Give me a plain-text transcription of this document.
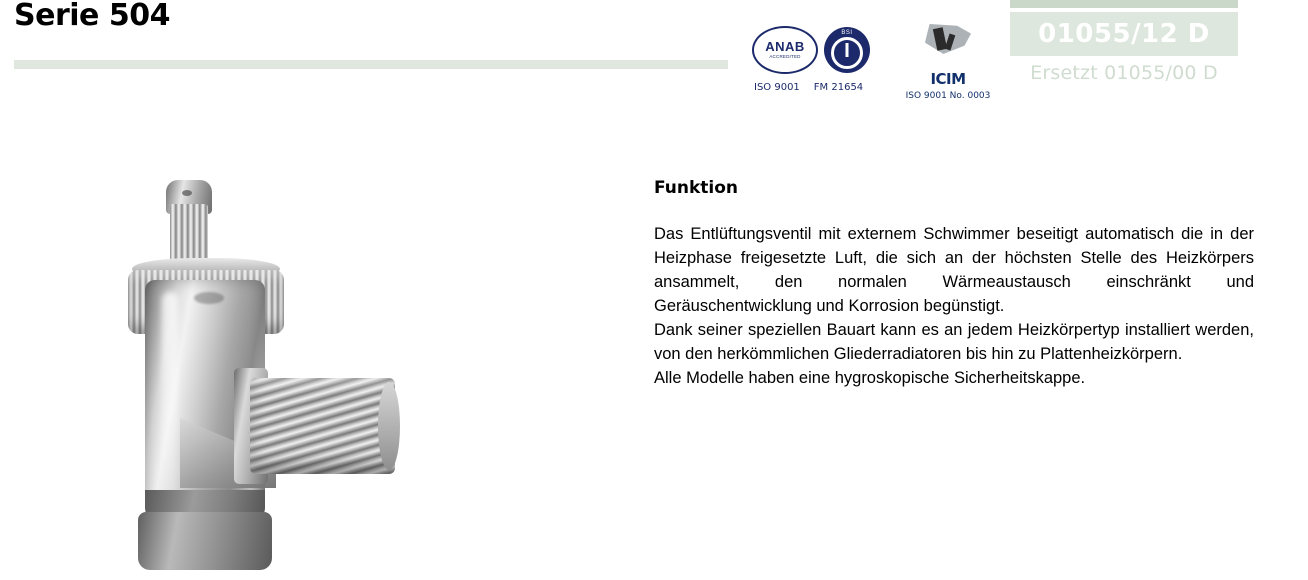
Serie 504
ANAB
ACCREDITED
BSI
ISO 9001 FM 21654	ICIM
ISO 9001 No. 0003
01055/12 D
Ersetzt 01055/00 D
Funktion

Das Entlüftungsventil mit externem Schwimmer beseitigt automatisch die in der Heizphase freigesetzte Luft, die sich an der höchsten Stelle des Heizkörpers ansammelt, den normalen Wärmeaustausch einschränkt und Geräuschentwicklung und Korrosion begünstigt.

Dank seiner speziellen Bauart kann es an jedem Heizkörpertyp installiert werden, von den herkömmlichen Gliederradiatoren bis hin zu Plattenheizkörpern.

Alle Modelle haben eine hygroskopische Sicherheitskappe.
